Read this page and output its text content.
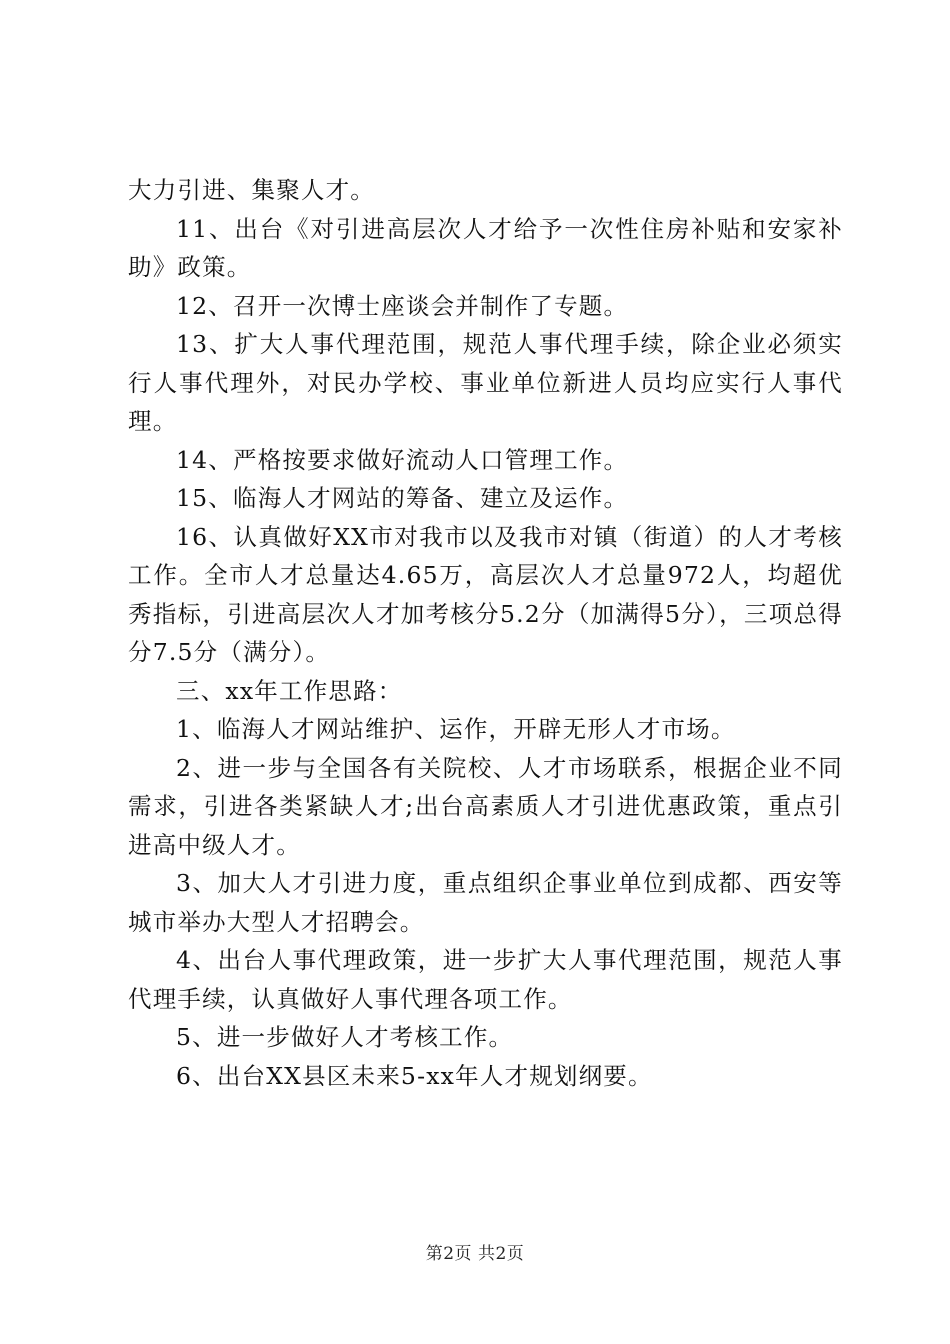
大力引进、集聚人才。

11、出台《对引进高层次人才给予一次性住房补贴和安家补助》政策。

12、召开一次博士座谈会并制作了专题。

13、扩大人事代理范围，规范人事代理手续，除企业必须实行人事代理外，对民办学校、事业单位新进人员均应实行人事代理。

14、严格按要求做好流动人口管理工作。

15、临海人才网站的筹备、建立及运作。

16、认真做好XX市对我市以及我市对镇（街道）的人才考核工作。全市人才总量达4.65万，高层次人才总量972人，均超优秀指标，引进高层次人才加考核分5.2分（加满得5分），三项总得分7.5分（满分）。

三、xx年工作思路：

1、临海人才网站维护、运作，开辟无形人才市场。

2、进一步与全国各有关院校、人才市场联系，根据企业不同需求，引进各类紧缺人才;出台高素质人才引进优惠政策，重点引进高中级人才。

3、加大人才引进力度，重点组织企事业单位到成都、西安等城市举办大型人才招聘会。

4、出台人事代理政策，进一步扩大人事代理范围，规范人事代理手续，认真做好人事代理各项工作。

5、进一步做好人才考核工作。

6、出台XX县区未来5-xx年人才规划纲要。

第2页 共2页
